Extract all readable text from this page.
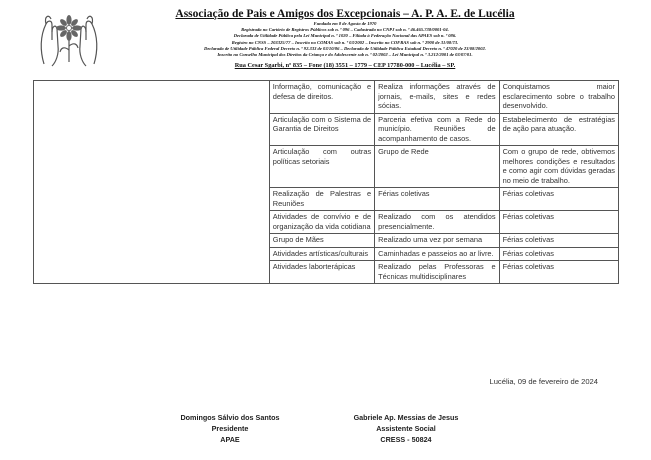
Associação de Pais e Amigos dos Excepcionais – A. P. A. E. de Lucélia
Fundada em 8 de Agosto de 1970
Registrada no Cartório de Registros Públicos sob n. º 096 – Cadastrada no CNPJ sob n. º 46.465.738/0001-04.
Declarada de Utilidade Pública pela Lei Municipal n. º 1020 – Filiada à Federação Nacional das APAES sob n. º 086.
Registro no CNSS – 203325/77 – Inscrito no COMAS sob n. º 03/2002 – Inscrito no COFRAS sob n. º 2900 de 31/08/73.
Declarada de Utilidade Pública Federal Decreto n. º 92.333 de 03/10/86 – Declarada de Utilidade Pública Estadual Decreto n. º 47020 de 23/08/2002.
Inscrito no Conselho Municipal dos Direitos da Criança e do Adolescente sob n. º 02/2002 – Lei Municipal n. º 3.212/2001 de 03/07/01.
Rua Cesar Sgarbi, nº 835 – Fone (18) 3551 – 1779 – CEP 17780-000 – Lucélia – SP.
	Informação, comunicação e defesa de direitos.	Realiza informações através de jornais, e-mails, sites e redes sócias.	Conquistamos maior esclarecimento sobre o trabalho desenvolvido.
	Articulação com o Sistema de Garantia de Direitos	Parceria efetiva com a Rede do município. Reuniões de acompanhamento de casos.	Estabelecimento de estratégias de ação para atuação.
	Articulação com outras políticas setoriais	Grupo de Rede	Com o grupo de rede, obtivemos melhores condições e resultados e como agir com dúvidas geradas no meio de trabalho.
	Realização de Palestras e Reuniões	Férias coletivas	Férias coletivas
	Atividades de convívio e de organização da vida cotidiana	Realizado com os atendidos presencialmente.	Férias coletivas
	Grupo de Mães	Realizado uma vez por semana	Férias coletivas
	Atividades artísticas/culturais	Caminhadas e passeios ao ar livre.	Férias coletivas
	Atividades laborterápicas	Realizado pelas Professoras e Técnicas multidisciplinares	Férias coletivas
Lucélia, 09 de fevereiro de 2024
Domingos Sálvio dos Santos
Presidente
APAE
Gabriele Ap. Messias de Jesus
Assistente Social
CRESS - 50824
